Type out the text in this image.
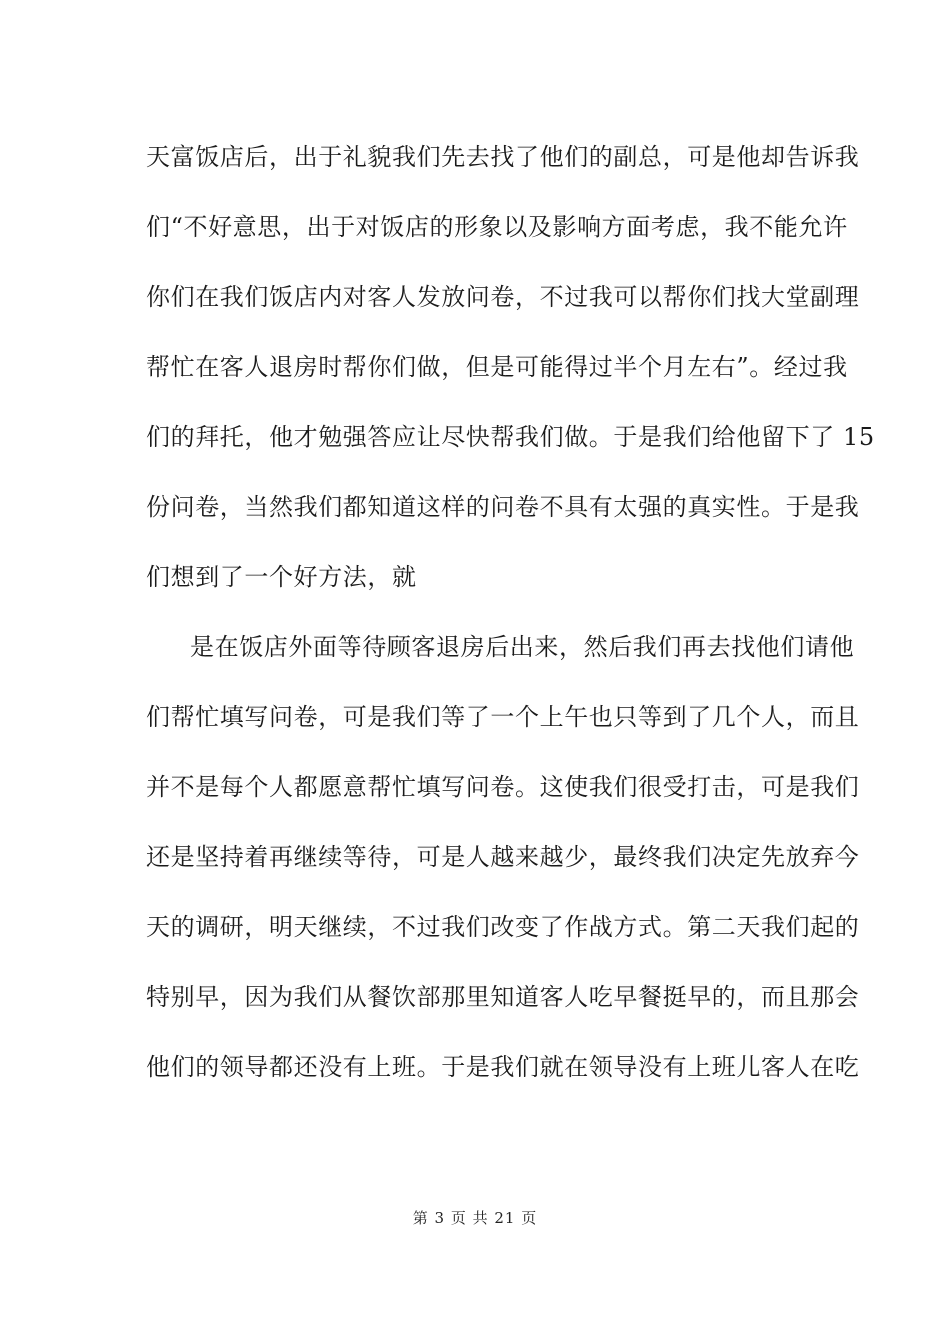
天富饭店后，出于礼貌我们先去找了他们的副总，可是他却告诉我
们“不好意思，出于对饭店的形象以及影响方面考虑，我不能允许
你们在我们饭店内对客人发放问卷，不过我可以帮你们找大堂副理
帮忙在客人退房时帮你们做，但是可能得过半个月左右”。经过我
们的拜托，他才勉强答应让尽快帮我们做。于是我们给他留下了 15
份问卷，当然我们都知道这样的问卷不具有太强的真实性。于是我
们想到了一个好方法，就
是在饭店外面等待顾客退房后出来，然后我们再去找他们请他
们帮忙填写问卷，可是我们等了一个上午也只等到了几个人，而且
并不是每个人都愿意帮忙填写问卷。这使我们很受打击，可是我们
还是坚持着再继续等待，可是人越来越少，最终我们决定先放弃今
天的调研，明天继续，不过我们改变了作战方式。第二天我们起的
特别早，因为我们从餐饮部那里知道客人吃早餐挺早的，而且那会
他们的领导都还没有上班。于是我们就在领导没有上班儿客人在吃
第 3 页 共 21 页
